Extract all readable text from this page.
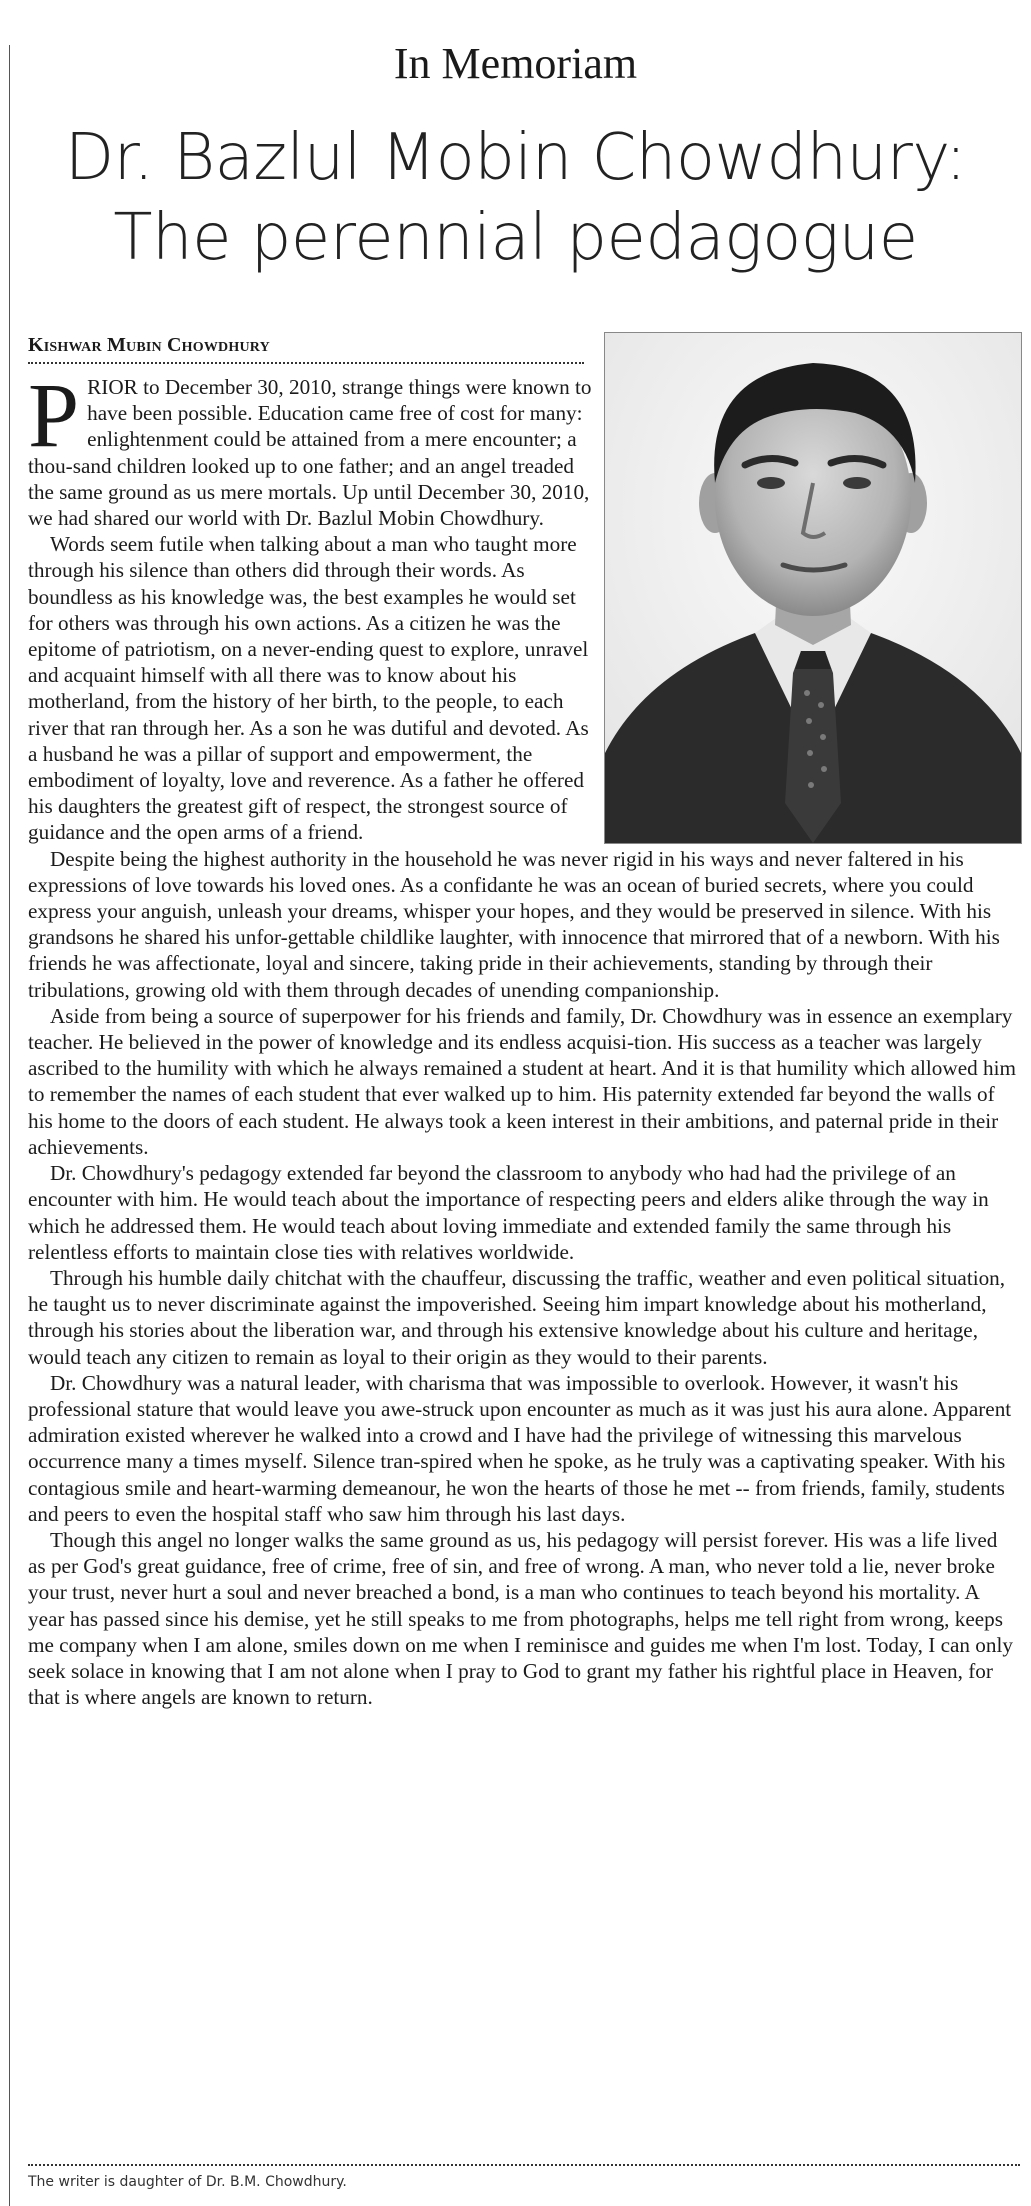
In Memoriam
Dr. Bazlul Mobin Chowdhury:
The perennial pedagogue
Kishwar Mubin Chowdhury

PRIOR to December 30, 2010, strange things were known to have been possible. Education came free of cost for many: enlightenment could be attained from a mere encounter; a thou-sand children looked up to one father; and an angel treaded the same ground as us mere mortals. Up until December 30, 2010, we had shared our world with Dr. Bazlul Mobin Chowdhury.

Words seem futile when talking about a man who taught more through his silence than others did through their words. As boundless as his knowledge was, the best examples he would set for others was through his own actions. As a citizen he was the epitome of patriotism, on a never-ending quest to explore, unravel and acquaint himself with all there was to know about his motherland, from the history of her birth, to the people, to each river that ran through her. As a son he was dutiful and devoted. As a husband he was a pillar of support and empowerment, the embodiment of loyalty, love and reverence. As a father he offered his daughters the greatest gift of respect, the strongest source of guidance and the open arms of a friend.

Despite being the highest authority in the household he was never rigid in his ways and never faltered in his expressions of love towards his loved ones. As a confidante he was an ocean of buried secrets, where you could express your anguish, unleash your dreams, whisper your hopes, and they would be preserved in silence. With his grandsons he shared his unfor-gettable childlike laughter, with innocence that mirrored that of a newborn. With his friends he was affectionate, loyal and sincere, taking pride in their achievements, standing by through their tribulations, growing old with them through decades of unending companionship.

Aside from being a source of superpower for his friends and family, Dr. Chowdhury was in essence an exemplary teacher. He believed in the power of knowledge and its endless acquisi-tion. His success as a teacher was largely ascribed to the humility with which he always remained a student at heart. And it is that humility which allowed him to remember the names of each student that ever walked up to him. His paternity extended far beyond the walls of his home to the doors of each student. He always took a keen interest in their ambitions, and paternal pride in their achievements.

Dr. Chowdhury's pedagogy extended far beyond the classroom to anybody who had had the privilege of an encounter with him. He would teach about the importance of respecting peers and elders alike through the way in which he addressed them. He would teach about loving immediate and extended family the same through his relentless efforts to maintain close ties with relatives worldwide.

Through his humble daily chitchat with the chauffeur, discussing the traffic, weather and even political situation, he taught us to never discriminate against the impoverished. Seeing him impart knowledge about his motherland, through his stories about the liberation war, and through his extensive knowledge about his culture and heritage, would teach any citizen to remain as loyal to their origin as they would to their parents.

Dr. Chowdhury was a natural leader, with charisma that was impossible to overlook. However, it wasn't his professional stature that would leave you awe-struck upon encounter as much as it was just his aura alone. Apparent admiration existed wherever he walked into a crowd and I have had the privilege of witnessing this marvelous occurrence many a times myself. Silence tran-spired when he spoke, as he truly was a captivating speaker. With his contagious smile and heart-warming demeanour, he won the hearts of those he met -- from friends, family, students and peers to even the hospital staff who saw him through his last days.

Though this angel no longer walks the same ground as us, his pedagogy will persist forever. His was a life lived as per God's great guidance, free of crime, free of sin, and free of wrong. A man, who never told a lie, never broke your trust, never hurt a soul and never breached a bond, is a man who continues to teach beyond his mortality. A year has passed since his demise, yet he still speaks to me from photographs, helps me tell right from wrong, keeps me company when I am alone, smiles down on me when I reminisce and guides me when I'm lost. Today, I can only seek solace in knowing that I am not alone when I pray to God to grant my father his rightful place in Heaven, for that is where angels are known to return.

The writer is daughter of Dr. B.M. Chowdhury.
